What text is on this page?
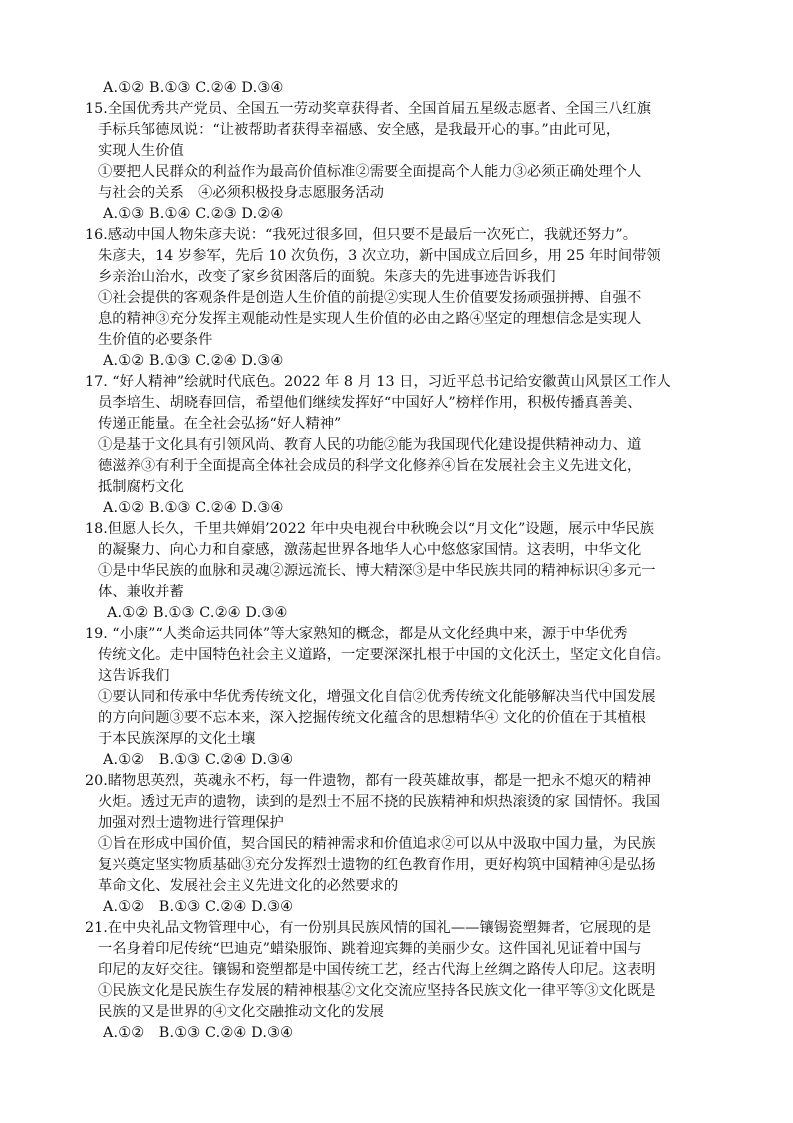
A.①② B.①③ C.②④ D.③④
15.全国优秀共产党员、全国五一劳动奖章获得者、全国首届五星级志愿者、全国三八红旗
手标兵邹德凤说：“让被帮助者获得幸福感、安全感，是我最开心的事。”由此可见，
实现人生价值
①要把人民群众的利益作为最高价值标准②需要全面提高个人能力③必须正确处理个人
与社会的关系　④必须积极投身志愿服务活动
A.①③ B.①④ C.②③ D.②④
16.感动中国人物朱彦夫说：“我死过很多回，但只要不是最后一次死亡，我就还努力”。
朱彦夫，14 岁参军，先后 10 次负伤，3 次立功，新中国成立后回乡，用 25 年时间带领
乡亲治山治水，改变了家乡贫困落后的面貌。朱彦夫的先进事迹告诉我们
①社会提供的客观条件是创造人生价值的前提②实现人生价值要发扬顽强拼搏、自强不
息的精神③充分发挥主观能动性是实现人生价值的必由之路④坚定的理想信念是实现人
生价值的必要条件
A.①② B.①③ C.②④ D.③④
17. “好人精神”绘就时代底色。2022 年 8 月 13 日，习近平总书记给安徽黄山风景区工作人
员李培生、胡晓春回信，希望他们继续发挥好“中国好人”榜样作用，积极传播真善美、
传递正能量。在全社会弘扬“好人精神”
①是基于文化具有引领风尚、教育人民的功能②能为我国现代化建设提供精神动力、道
德滋养③有利于全面提高全体社会成员的科学文化修养④旨在发展社会主义先进文化，
抵制腐朽文化
A.①② B.①③ C.②④ D.③④
18.但愿人长久，千里共婵娟’2022 年中央电视台中秋晚会以“月文化”设题，展示中华民族
的凝聚力、向心力和自豪感，激荡起世界各地华人心中悠悠家国情。这表明，中华文化
①是中华民族的血脉和灵魂②源远流长、博大精深③是中华民族共同的精神标识④多元一
体、兼收并蓄
A.①② B.①③ C.②④ D.③④
19. “小康”“人类命运共同体”等大家熟知的概念，都是从文化经典中来，源于中华优秀
传统文化。走中国特色社会主义道路，一定要深深扎根于中国的文化沃土，坚定文化自信。
这告诉我们
①要认同和传承中华优秀传统文化，增强文化自信②优秀传统文化能够解决当代中国发展
的方向问题③要不忘本来，深入挖掘传统文化蕴含的思想精华④ 文化的价值在于其植根
于本民族深厚的文化土壤
A.①②　B.①③ C.②④ D.③④
20.睹物思英烈，英魂永不朽，每一件遗物，都有一段英雄故事，都是一把永不熄灭的精神
火炬。透过无声的遗物，读到的是烈士不屈不挠的民族精神和炽热滚烫的家 国情怀。我国
加强对烈士遗物进行管理保护
①旨在形成中国价值，契合国民的精神需求和价值追求②可以从中汲取中国力量，为民族
复兴奠定坚实物质基础③充分发挥烈士遗物的红色教育作用，更好构筑中国精神④是弘扬
革命文化、发展社会主义先进文化的必然要求的
A.①②　B.①③ C.②④ D.③④
21.在中央礼品文物管理中心，有一份别具民族风情的国礼——镶锡瓷塑舞者，它展现的是
一名身着印尼传统“巴迪克”蜡染服饰、跳着迎宾舞的美丽少女。这件国礼见证着中国与
印尼的友好交往。镶锡和瓷塑都是中国传统工艺，经古代海上丝绸之路传人印尼。这表明
①民族文化是民族生存发展的精神根基②文化交流应坚持各民族文化一律平等③文化既是
民族的又是世界的④文化交融推动文化的发展
A.①②　B.①③ C.②④ D.③④
